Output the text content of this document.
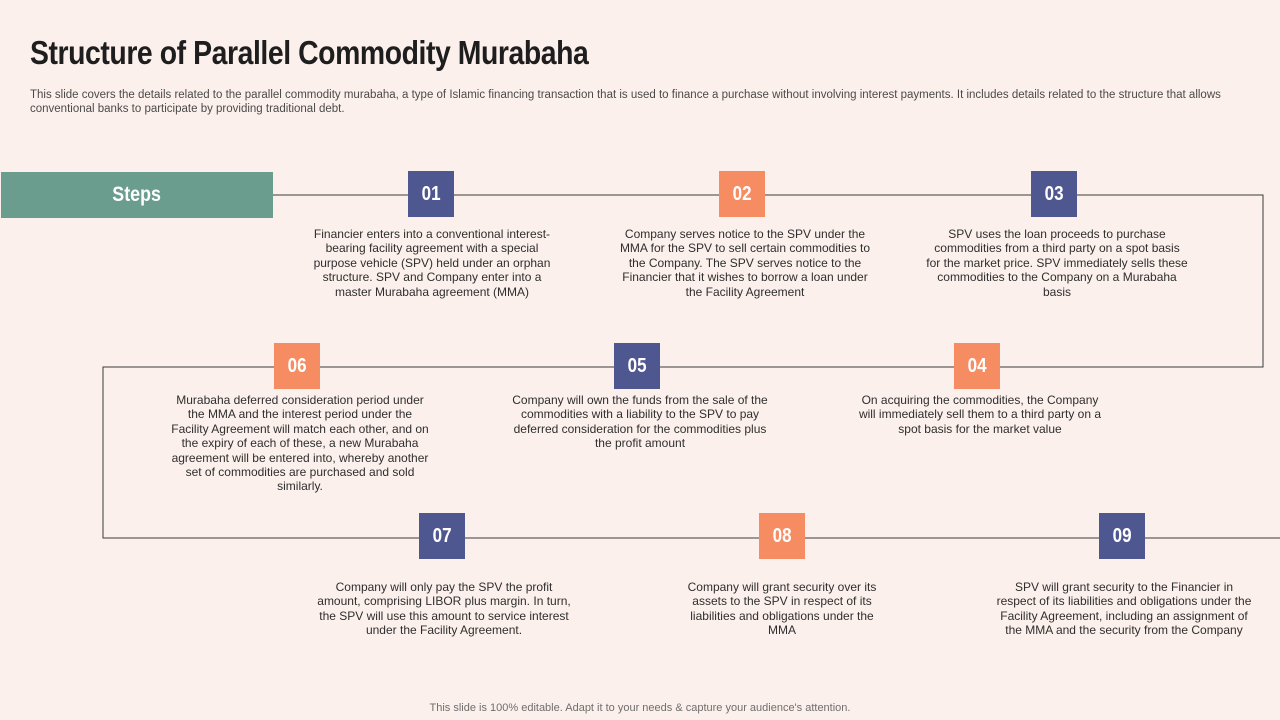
Structure of Parallel Commodity Murabaha
This slide covers the details related to the parallel commodity murabaha, a type of Islamic financing transaction that is used to finance a purchase without involving interest payments. It includes details related to the structure that allows conventional banks to participate by providing traditional debt.
Steps	01
Financier enters into a conventional interest-bearing facility agreement with a special purpose vehicle (SPV) held under an orphan structure. SPV and Company enter into a master Murabaha agreement (MMA)
02
Company serves notice to the SPV under the MMA for the SPV to sell certain commodities to the Company. The SPV serves notice to the Financier that it wishes to borrow a loan under the Facility Agreement
03
SPV uses the loan proceeds to purchase commodities from a third party on a spot basis for the market price. SPV immediately sells these commodities to the Company on a Murabaha basis
04
On acquiring the commodities, the Company will immediately sell them to a third party on a spot basis for the market value
05
Company will own the funds from the sale of the commodities with a liability to the SPV to pay deferred consideration for the commodities plus the profit amount
06
Murabaha deferred consideration period under the MMA and the interest period under the Facility Agreement will match each other, and on the expiry of each of these, a new Murabaha agreement will be entered into, whereby another set of commodities are purchased and sold similarly.
07
Company will only pay the SPV the profit amount, comprising LIBOR plus margin. In turn, the SPV will use this amount to service interest under the Facility Agreement.
08
Company will grant security over its assets to the SPV in respect of its liabilities and obligations under the MMA
09
SPV will grant security to the Financier in respect of its liabilities and obligations under the Facility Agreement, including an assignment of the MMA and the security from the Company
This slide is 100% editable. Adapt it to your needs & capture your audience's attention.
